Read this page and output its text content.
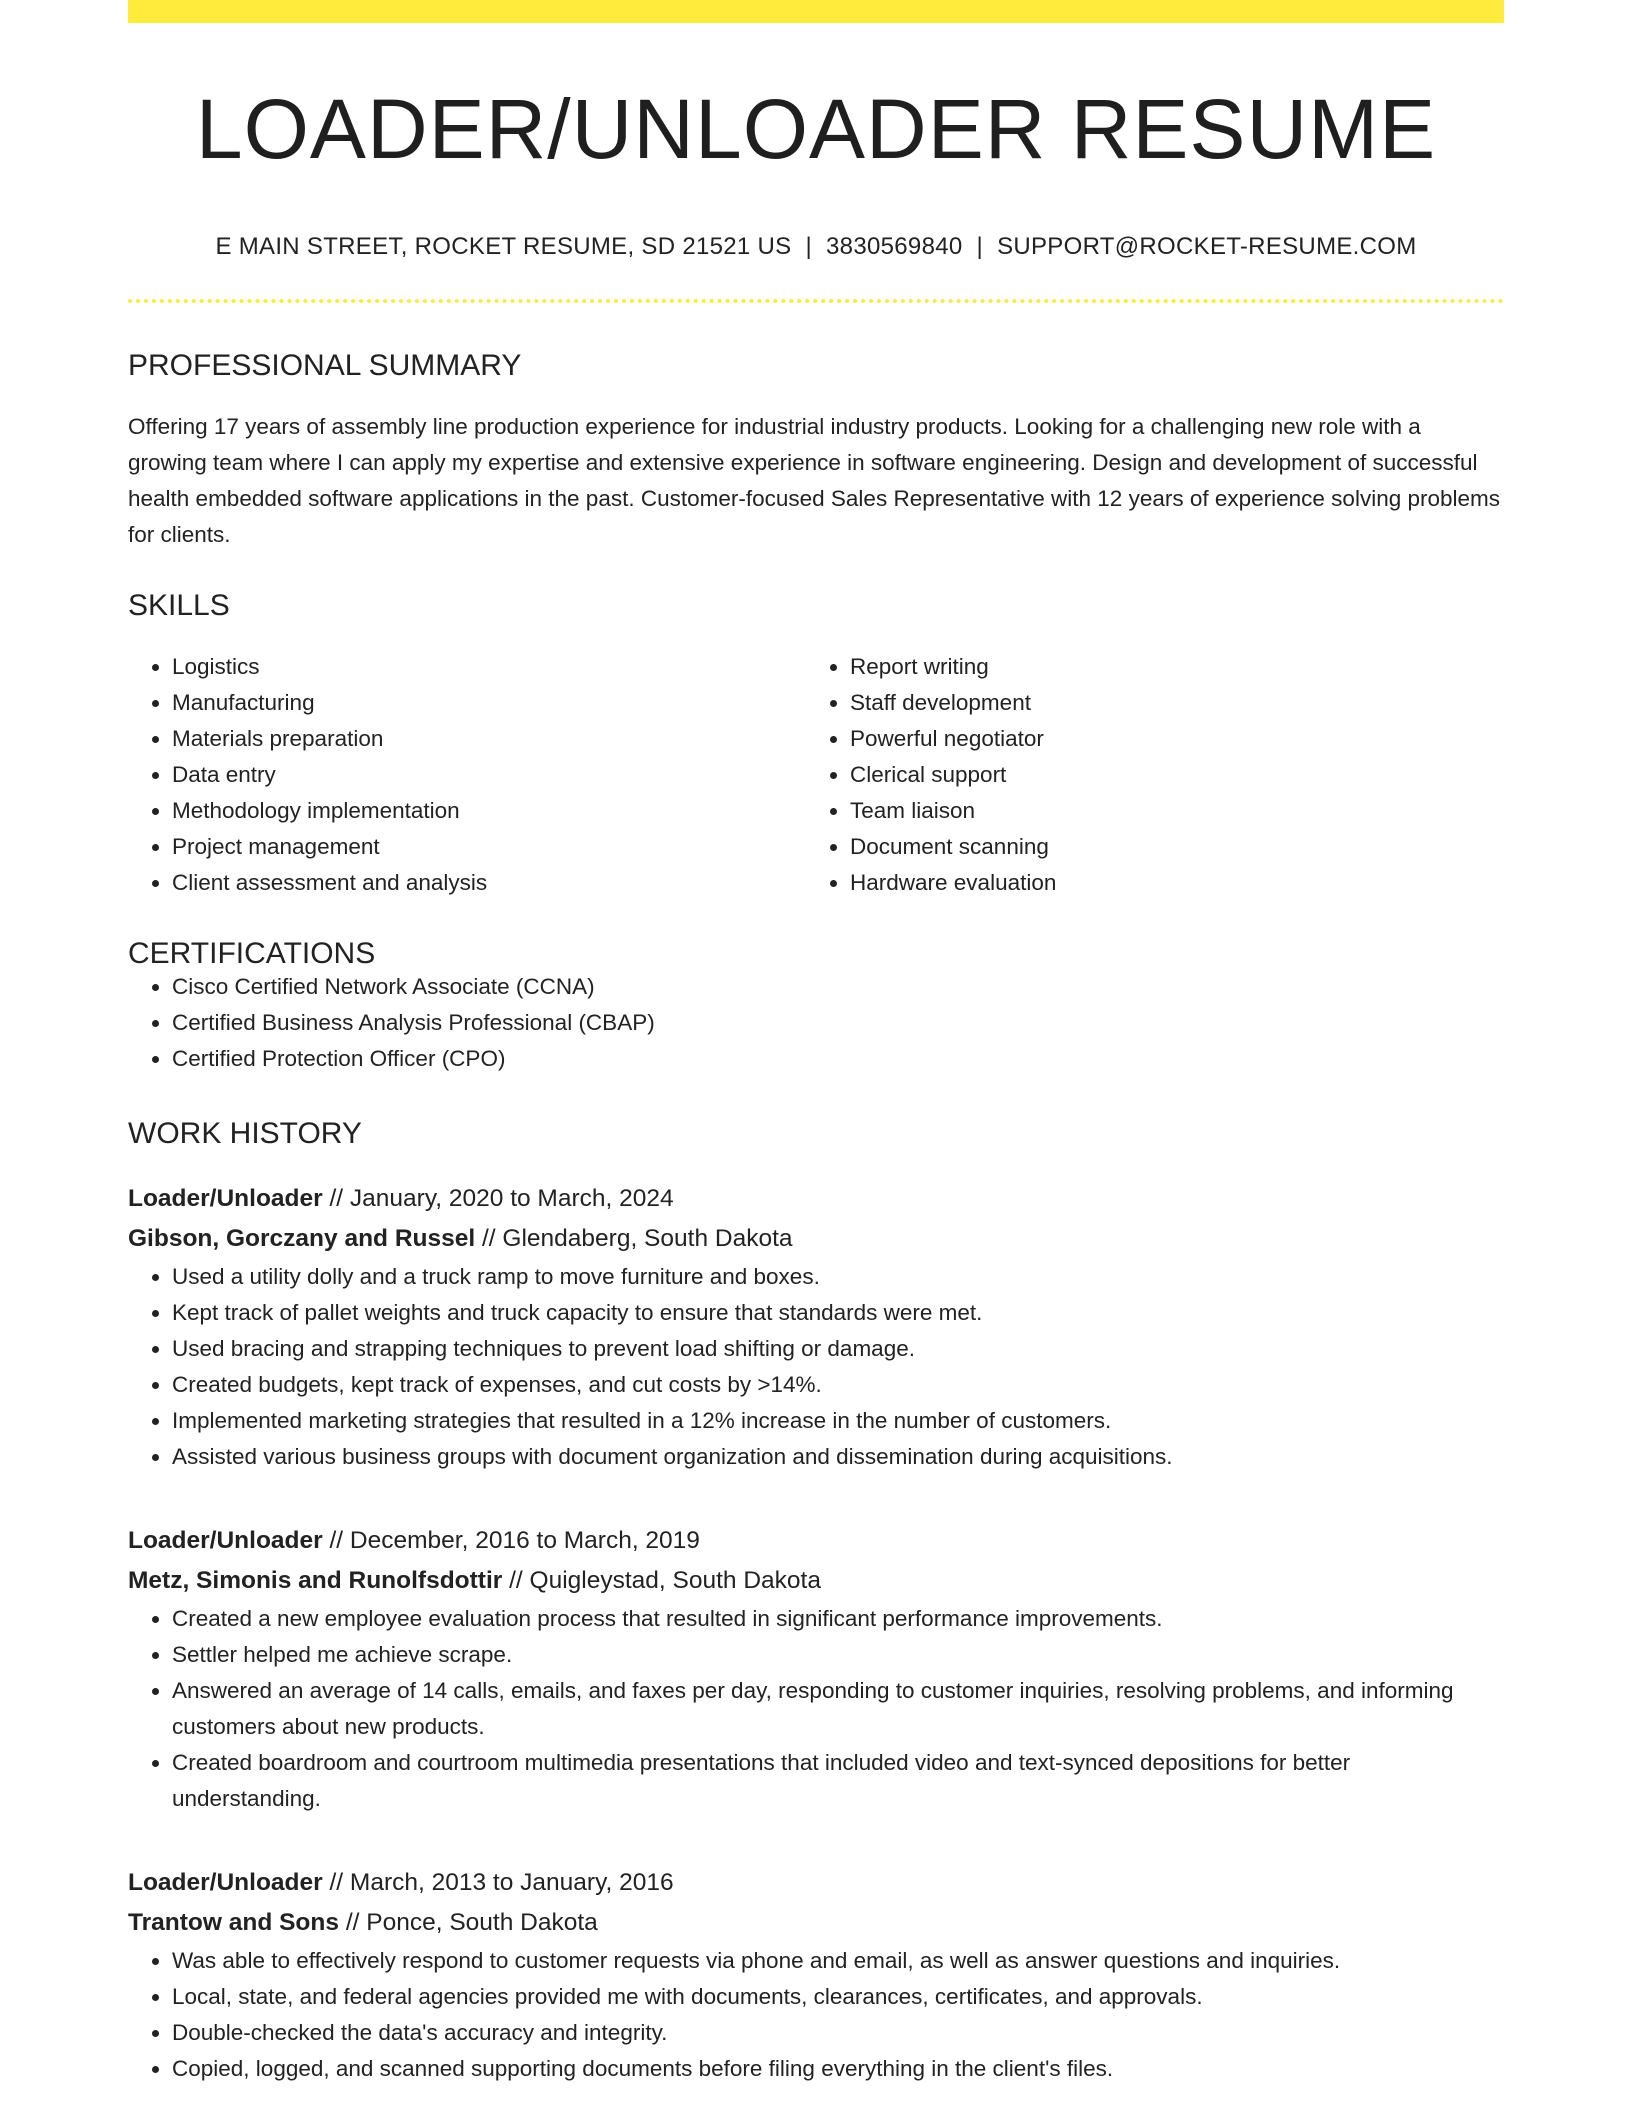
LOADER/UNLOADER RESUME
E MAIN STREET, ROCKET RESUME, SD 21521 US | 3830569840 | SUPPORT@ROCKET-RESUME.COM
PROFESSIONAL SUMMARY

Offering 17 years of assembly line production experience for industrial industry products. Looking for a challenging new role with a growing team where I can apply my expertise and extensive experience in software engineering. Design and development of successful health embedded software applications in the past. Customer-focused Sales Representative with 12 years of experience solving problems for clients.

SKILLS
• Logistics
• Manufacturing
• Materials preparation
• Data entry
• Methodology implementation
• Project management
• Client assessment and analysis
• Report writing
• Staff development
• Powerful negotiator
• Clerical support
• Team liaison
• Document scanning
• Hardware evaluation
CERTIFICATIONS
• Cisco Certified Network Associate (CCNA)
• Certified Business Analysis Professional (CBAP)
• Certified Protection Officer (CPO)
WORK HISTORY
Loader/Unloader // January, 2020 to March, 2024
Gibson, Gorczany and Russel // Glendaberg, South Dakota
• Used a utility dolly and a truck ramp to move furniture and boxes.
• Kept track of pallet weights and truck capacity to ensure that standards were met.
• Used bracing and strapping techniques to prevent load shifting or damage.
• Created budgets, kept track of expenses, and cut costs by >14%.
• Implemented marketing strategies that resulted in a 12% increase in the number of customers.
• Assisted various business groups with document organization and dissemination during acquisitions.
Loader/Unloader // December, 2016 to March, 2019
Metz, Simonis and Runolfsdottir // Quigleystad, South Dakota
• Created a new employee evaluation process that resulted in significant performance improvements.
• Settler helped me achieve scrape.
• Answered an average of 14 calls, emails, and faxes per day, responding to customer inquiries, resolving problems, and informing customers about new products.
• Created boardroom and courtroom multimedia presentations that included video and text-synced depositions for better understanding.
Loader/Unloader // March, 2013 to January, 2016
Trantow and Sons // Ponce, South Dakota
• Was able to effectively respond to customer requests via phone and email, as well as answer questions and inquiries.
• Local, state, and federal agencies provided me with documents, clearances, certificates, and approvals.
• Double-checked the data's accuracy and integrity.
• Copied, logged, and scanned supporting documents before filing everything in the client's files.
